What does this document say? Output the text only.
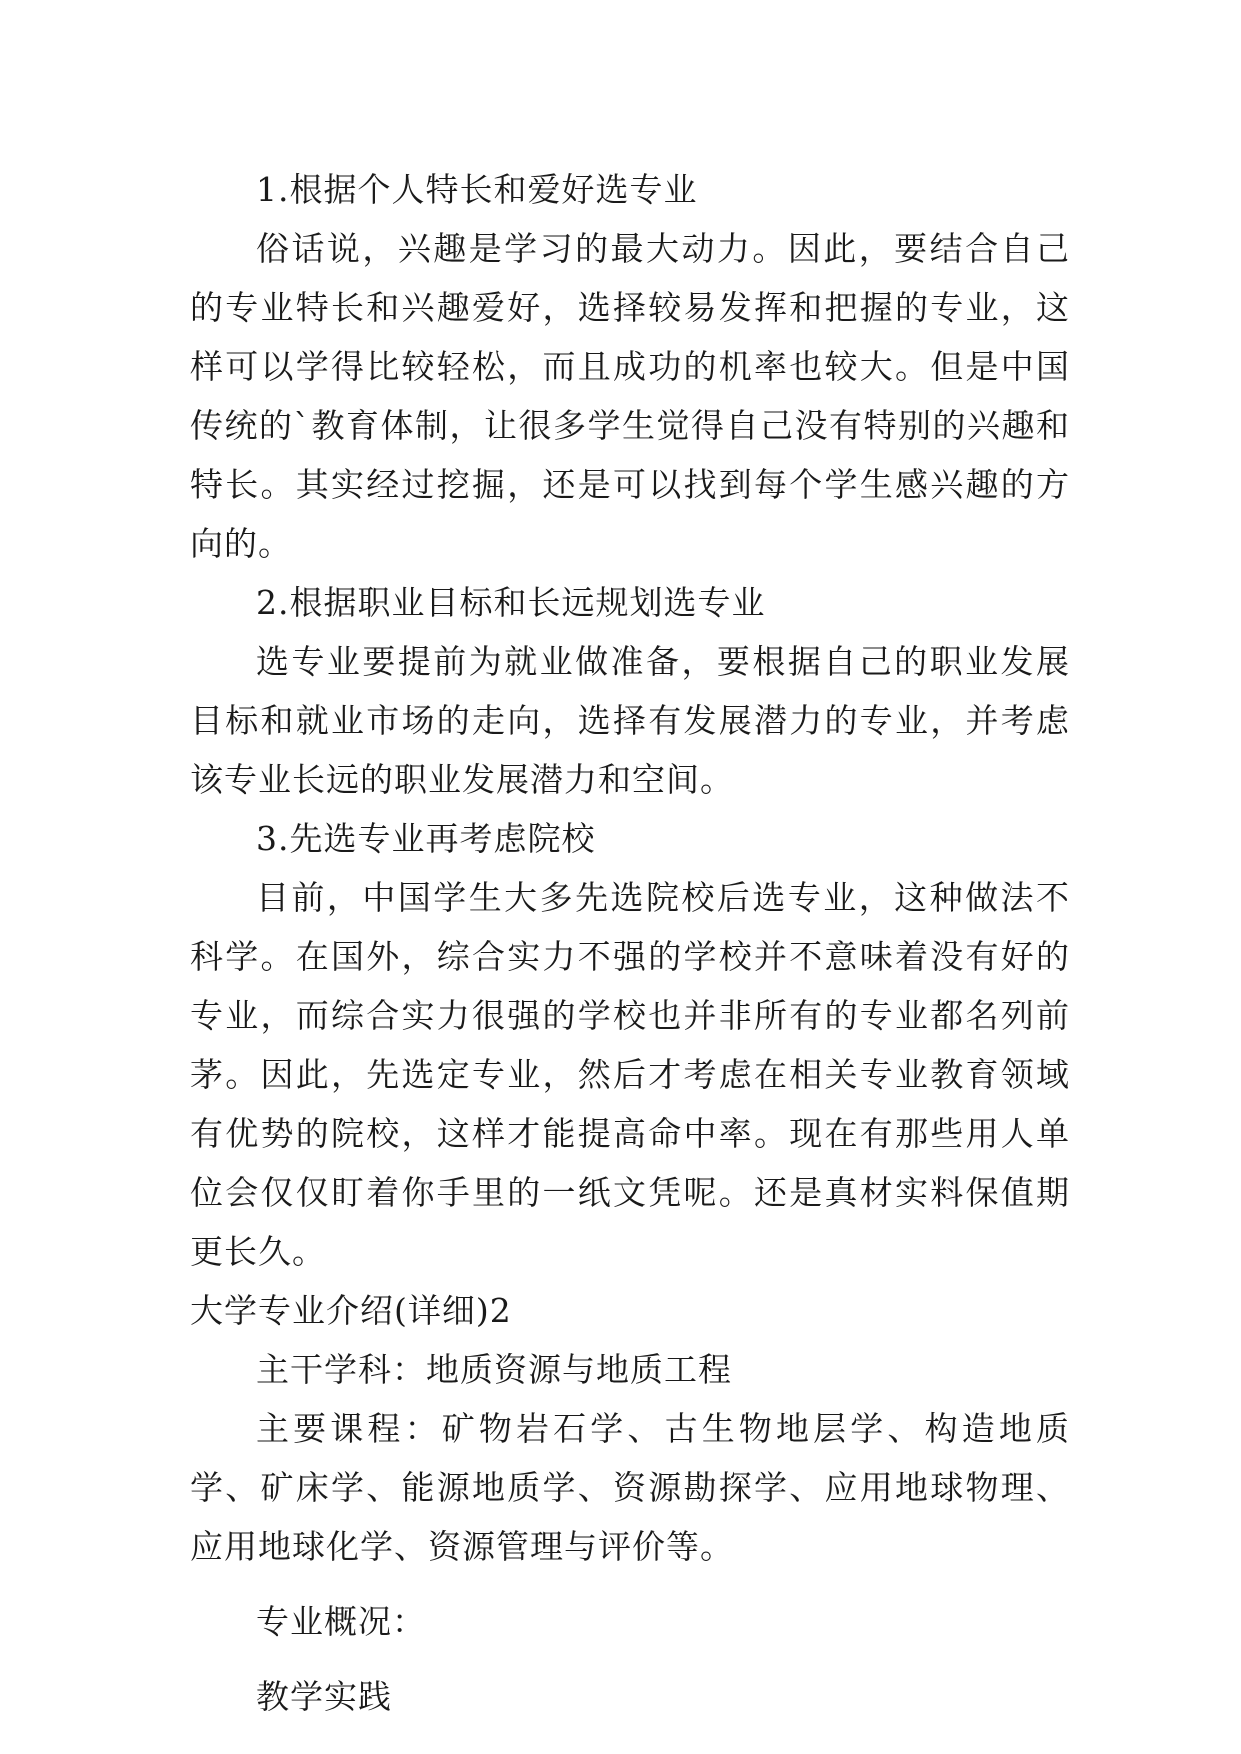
1.根据个人特长和爱好选专业

俗话说，兴趣是学习的最大动力。因此，要结合自己的专业特长和兴趣爱好，选择较易发挥和把握的专业，这样可以学得比较轻松，而且成功的机率也较大。但是中国传统的`教育体制，让很多学生觉得自己没有特别的兴趣和特长。其实经过挖掘，还是可以找到每个学生感兴趣的方向的。

2.根据职业目标和长远规划选专业

选专业要提前为就业做准备，要根据自己的职业发展目标和就业市场的走向，选择有发展潜力的专业，并考虑该专业长远的职业发展潜力和空间。

3.先选专业再考虑院校

目前，中国学生大多先选院校后选专业，这种做法不科学。在国外，综合实力不强的学校并不意味着没有好的专业，而综合实力很强的学校也并非所有的专业都名列前茅。因此，先选定专业，然后才考虑在相关专业教育领域有优势的院校，这样才能提高命中率。现在有那些用人单位会仅仅盯着你手里的一纸文凭呢。还是真材实料保值期更长久。

大学专业介绍(详细)2

主干学科：地质资源与地质工程

主要课程：矿物岩石学、古生物地层学、构造地质学、矿床学、能源地质学、资源勘探学、应用地球物理、应用地球化学、资源管理与评价等。

专业概况：

教学实践
